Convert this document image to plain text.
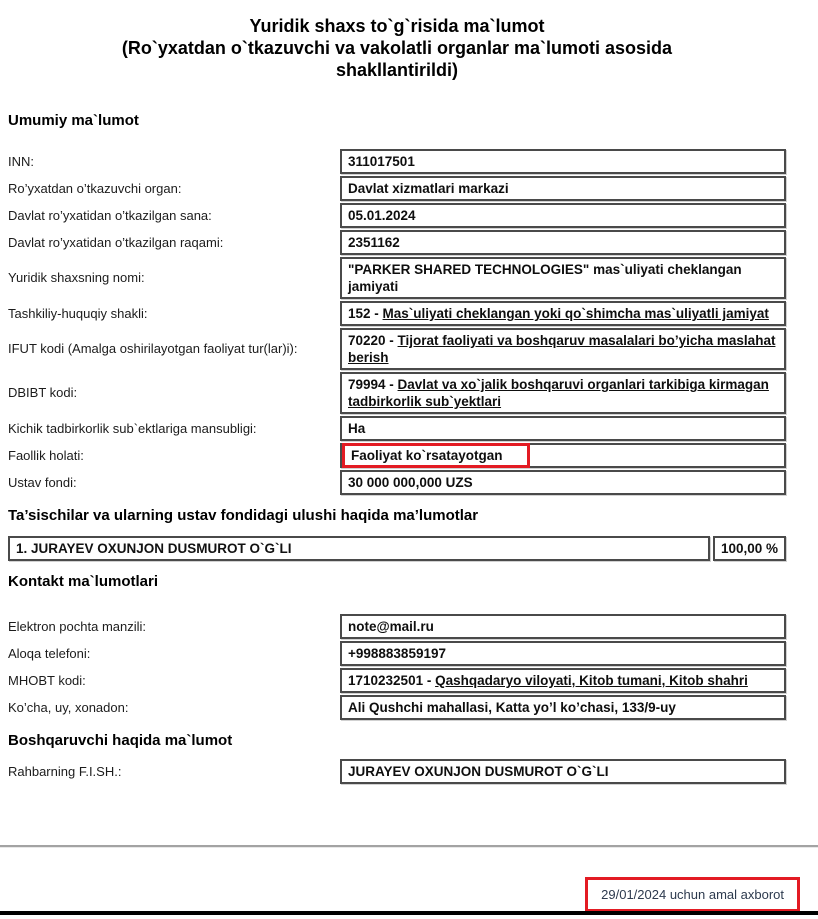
Yuridik shaxs to`g`risida ma`lumot
(Ro`yxatdan o`tkazuvchi va vakolatli organlar ma`lumoti asosida
shakllantirildi)
Umumiy ma`lumot
INN:	311017501
Ro’yxatdan o’tkazuvchi organ:	Davlat xizmatlari markazi
Davlat ro’yxatidan o’tkazilgan sana:	05.01.2024
Davlat ro’yxatidan o’tkazilgan raqami:	2351162
Yuridik shaxsning nomi:
"PARKER SHARED TECHNOLOGIES" mas`uliyati cheklangan jamiyati
Tashkiliy-huquqiy shakli:	152 - Mas`uliyati cheklangan yoki qo`shimcha mas`uliyatli jamiyat
IFUT kodi (Amalga oshirilayotgan faoliyat tur(lar)i):
70220 - Tijorat faoliyati va boshqaruv masalalari bo’yicha maslahat berish
DBIBT kodi:
79994 - Davlat va xo`jalik boshqaruvi organlari tarkibiga kirmagan tadbirkorlik sub`yektlari
Kichik tadbirkorlik sub`ektlariga mansubligi:	Ha
Faollik holati:	Faoliyat ko`rsatayotgan
Ustav fondi:	30 000 000,000 UZS
Ta’sischilar va ularning ustav fondidagi ulushi haqida ma’lumotlar
1. JURAYEV OXUNJON DUSMUROT O`G`LI	100,00 %
Kontakt ma`lumotlari
Elektron pochta manzili:	note@mail.ru
Aloqa telefoni:	+998883859197
MHOBT kodi:	1710232501 - Qashqadaryo viloyati, Kitob tumani, Kitob shahri
Ko’cha, uy, xonadon:	Ali Qushchi mahallasi, Katta yo’l ko’chasi, 133/9-uy
Boshqaruvchi haqida ma`lumot
Rahbarning F.I.SH.:	JURAYEV OXUNJON DUSMUROT O`G`LI
29/01/2024 uchun amal axborot
